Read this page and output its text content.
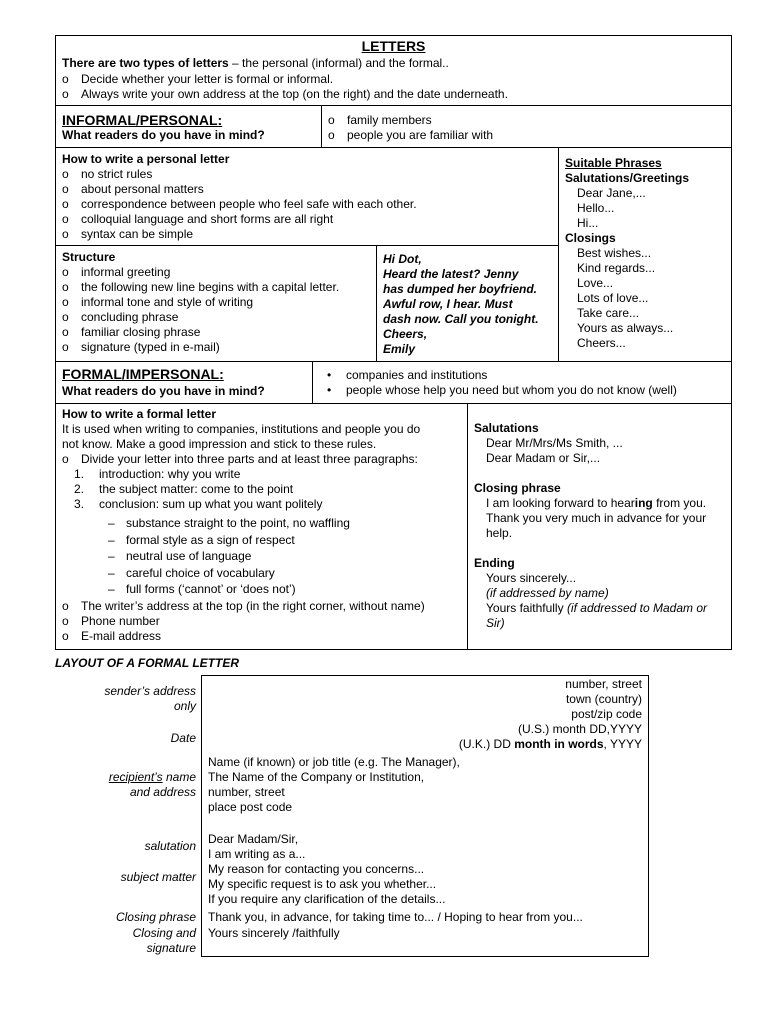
LETTERS
There are two types of letters – the personal (informal) and the formal..
o Decide whether your letter is formal or informal.
o Always write your own address at the top (on the right) and the date underneath.
INFORMAL/PERSONAL:
What readers do you have in mind?
o family members
o people you are familiar with
How to write a personal letter
o no strict rules
o about personal matters
o correspondence between people who feel safe with each other.
o colloquial language and short forms are all right
o syntax can be simple
Structure
o informal greeting
o the following new line begins with a capital letter.
o informal tone and style of writing
o concluding phrase
o familiar closing phrase
o signature (typed in e-mail)
Hi Dot,
Heard the latest? Jenny
has dumped her boyfriend.
Awful row, I hear. Must
dash now. Call you tonight.
Cheers,
Emily
Suitable Phrases
Salutations/Greetings
Dear Jane,...
Hello...
Hi...
Closings
Best wishes...
Kind regards...
Love...
Lots of love...
Take care...
Yours as always...
Cheers...
FORMAL/IMPERSONAL:
What readers do you have in mind?
• companies and institutions
• people whose help you need but whom you do not know (well)
How to write a formal letter
It is used when writing to companies, institutions and people you do
not know. Make a good impression and stick to these rules.
o Divide your letter into three parts and at least three paragraphs:
1. introduction: why you write
2. the subject matter: come to the point
3. conclusion: sum up what you want politely
– substance straight to the point, no waffling
– formal style as a sign of respect
– neutral use of language
– careful choice of vocabulary
– full forms (‘cannot’ or ‘does not’)
o The writer’s address at the top (in the right corner, without name)
o Phone number
o E-mail address
Salutations
Dear Mr/Mrs/Ms Smith, ...
Dear Madam or Sir,...
Closing phrase
I am looking forward to hearing from you.
Thank you very much in advance for your
help.
Ending
Yours sincerely...
(if addressed by name)
Yours faithfully (if addressed to Madam or
Sir)
LAYOUT OF A FORMAL LETTER
sender’s address
only
Date
recipient’s name
and address
salutation
subject matter
Closing phrase
Closing and
signature
number, street
town (country)
post/zip code
(U.S.) month DD,YYYY
(U.K.) DD month in words, YYYY
Name (if known) or job title (e.g. The Manager),
The Name of the Company or Institution,
number, street
place post code
Dear Madam/Sir,
I am writing as a...
My reason for contacting you concerns...
My specific request is to ask you whether...
If you require any clarification of the details...
Thank you, in advance, for taking time to... / Hoping to hear from you...
Yours sincerely /faithfully
